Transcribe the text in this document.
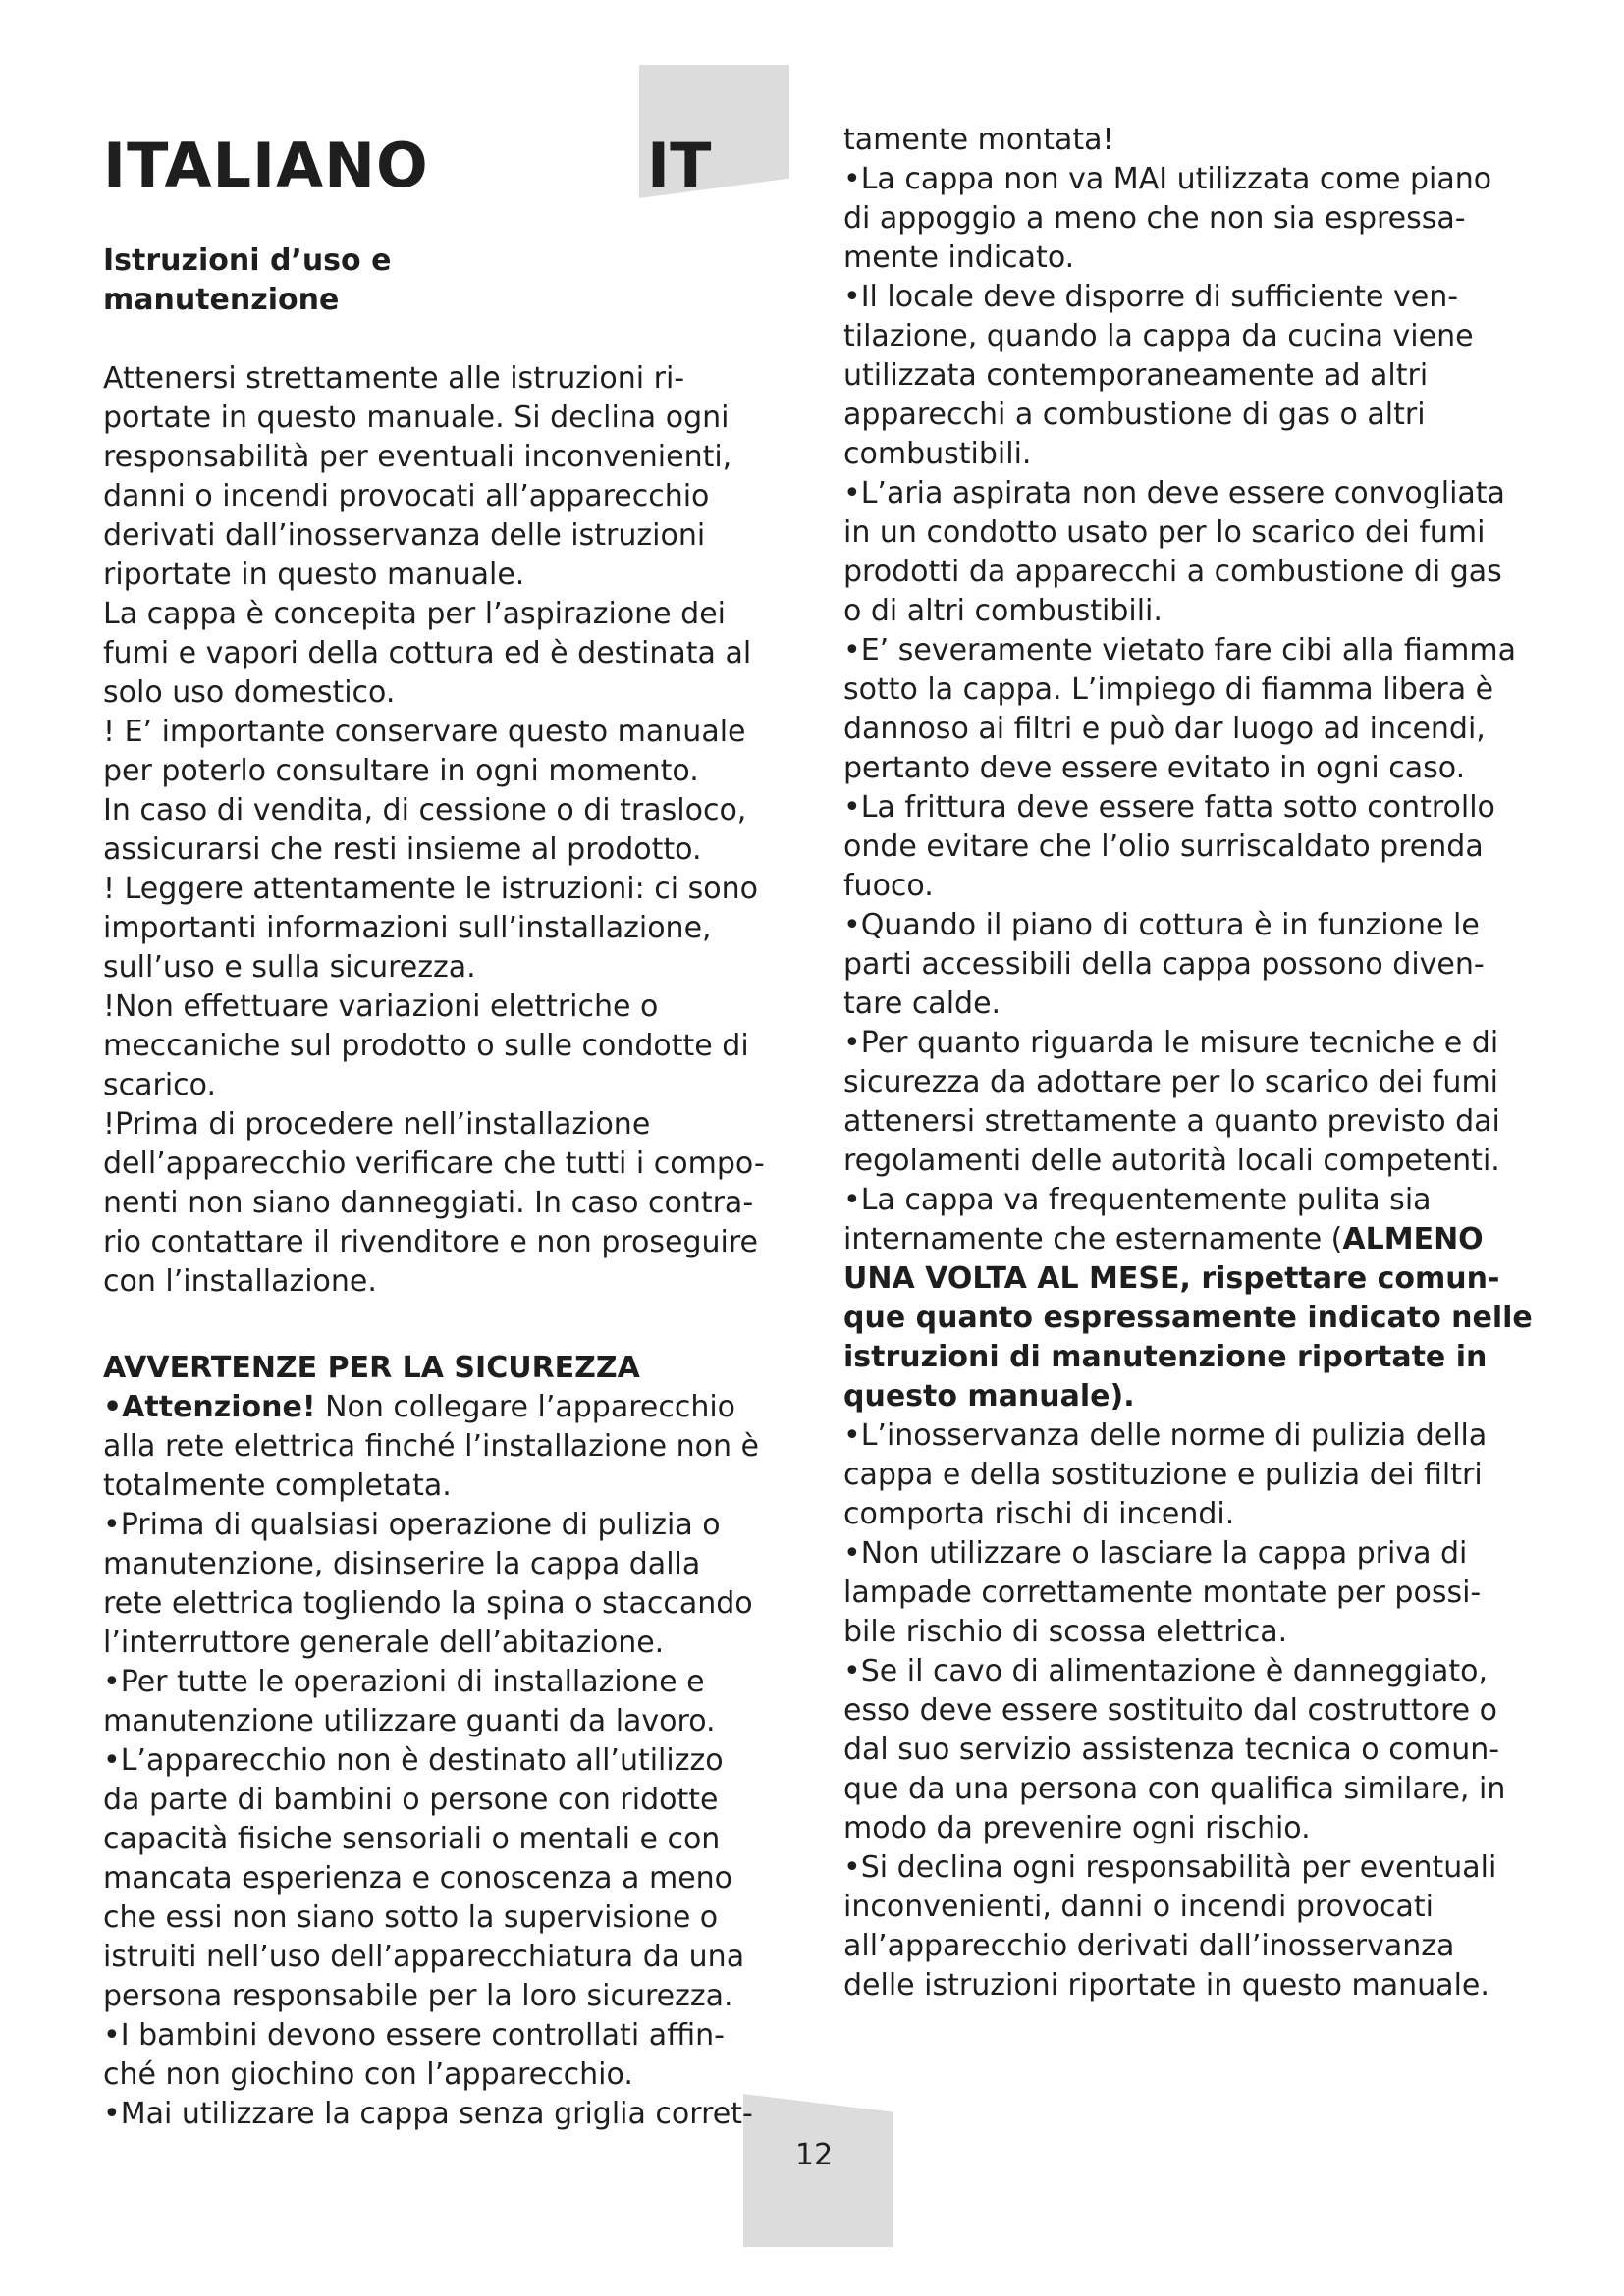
ITALIANO	IT

Istruzioni d’uso e

manutenzione

Attenersi strettamente alle istruzioni ri-

portate in questo manuale. Si declina ogni

responsabilità per eventuali inconvenienti,

danni o incendi provocati all’apparecchio

derivati dall’inosservanza delle istruzioni

riportate in questo manuale.

La cappa è concepita per l’aspirazione dei

fumi e vapori della cottura ed è destinata al

solo uso domestico.

! E’ importante conservare questo manuale

per poterlo consultare in ogni momento.

In caso di vendita, di cessione o di trasloco,

assicurarsi che resti insieme al prodotto.

! Leggere attentamente le istruzioni: ci sono

importanti informazioni sull’installazione,

sull’uso e sulla sicurezza.

!Non effettuare variazioni elettriche o

meccaniche sul prodotto o sulle condotte di

scarico.

!Prima di procedere nell’installazione

dell’apparecchio verificare che tutti i compo-

nenti non siano danneggiati. In caso contra-

rio contattare il rivenditore e non proseguire

con l’installazione.

AVVERTENZE PER LA SICUREZZA

•Attenzione! Non collegare l’apparecchio

alla rete elettrica finché l’installazione non è

totalmente completata.

•Prima di qualsiasi operazione di pulizia o

manutenzione, disinserire la cappa dalla

rete elettrica togliendo la spina o staccando

l’interruttore generale dell’abitazione.

•Per tutte le operazioni di installazione e

manutenzione utilizzare guanti da lavoro.

•L’apparecchio non è destinato all’utilizzo

da parte di bambini o persone con ridotte

capacità fisiche sensoriali o mentali e con

mancata esperienza e conoscenza a meno

che essi non siano sotto la supervisione o

istruiti nell’uso dell’apparecchiatura da una

persona responsabile per la loro sicurezza.

•I bambini devono essere controllati affin-

ché non giochino con l’apparecchio.

•Mai utilizzare la cappa senza griglia corret-

tamente montata!

•La cappa non va MAI utilizzata come piano

di appoggio a meno che non sia espressa-

mente indicato.

•Il locale deve disporre di sufficiente ven-

tilazione, quando la cappa da cucina viene

utilizzata contemporaneamente ad altri

apparecchi a combustione di gas o altri

combustibili.

•L’aria aspirata non deve essere convogliata

in un condotto usato per lo scarico dei fumi

prodotti da apparecchi a combustione di gas

o di altri combustibili.

•E’ severamente vietato fare cibi alla fiamma

sotto la cappa. L’impiego di fiamma libera è

dannoso ai filtri e può dar luogo ad incendi,

pertanto deve essere evitato in ogni caso.

•La frittura deve essere fatta sotto controllo

onde evitare che l’olio surriscaldato prenda

fuoco.

•Quando il piano di cottura è in funzione le

parti accessibili della cappa possono diven-

tare calde.

•Per quanto riguarda le misure tecniche e di

sicurezza da adottare per lo scarico dei fumi

attenersi strettamente a quanto previsto dai

regolamenti delle autorità locali competenti.

•La cappa va frequentemente pulita sia

internamente che esternamente (ALMENO

UNA VOLTA AL MESE, rispettare comun-

que quanto espressamente indicato nelle

istruzioni di manutenzione riportate in

questo manuale).

•L’inosservanza delle norme di pulizia della

cappa e della sostituzione e pulizia dei filtri

comporta rischi di incendi.

•Non utilizzare o lasciare la cappa priva di

lampade correttamente montate per possi-

bile rischio di scossa elettrica.

•Se il cavo di alimentazione è danneggiato,

esso deve essere sostituito dal costruttore o

dal suo servizio assistenza tecnica o comun-

que da una persona con qualifica similare, in

modo da prevenire ogni rischio.

•Si declina ogni responsabilità per eventuali

inconvenienti, danni o incendi provocati

all’apparecchio derivati dall’inosservanza

delle istruzioni riportate in questo manuale.

12
